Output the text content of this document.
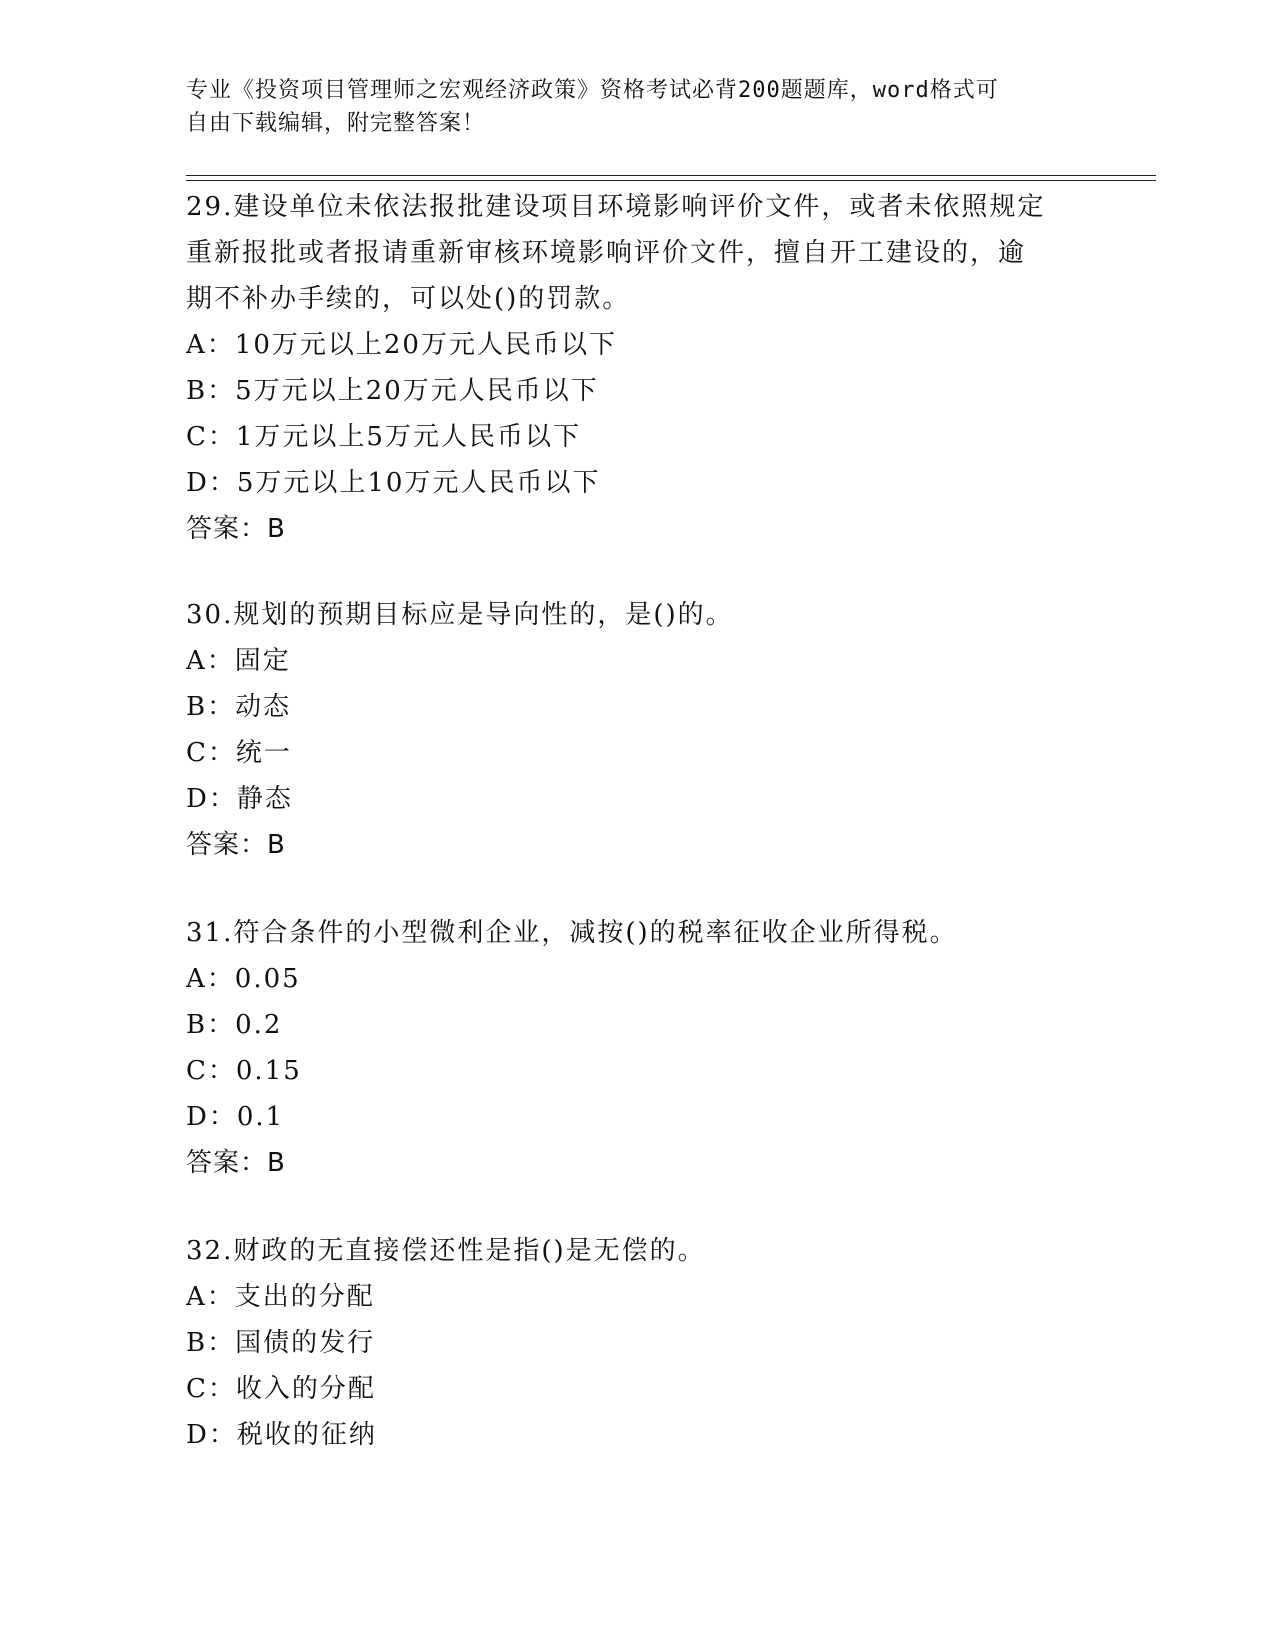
专业《投资项目管理师之宏观经济政策》资格考试必背200题题库，word格式可
自由下载编辑，附完整答案！

29.建设单位未依法报批建设项目环境影响评价文件，或者未依照规定

重新报批或者报请重新审核环境影响评价文件，擅自开工建设的，逾

期不补办手续的，可以处()的罚款。

A：10万元以上20万元人民币以下

B：5万元以上20万元人民币以下

C：1万元以上5万元人民币以下

D：5万元以上10万元人民币以下

答案：B

30.规划的预期目标应是导向性的，是()的。

A：固定

B：动态

C：统一

D：静态

答案：B

31.符合条件的小型微利企业，减按()的税率征收企业所得税。

A：0.05

B：0.2

C：0.15

D：0.1

答案：B

32.财政的无直接偿还性是指()是无偿的。

A：支出的分配

B：国债的发行

C：收入的分配

D：税收的征纳
